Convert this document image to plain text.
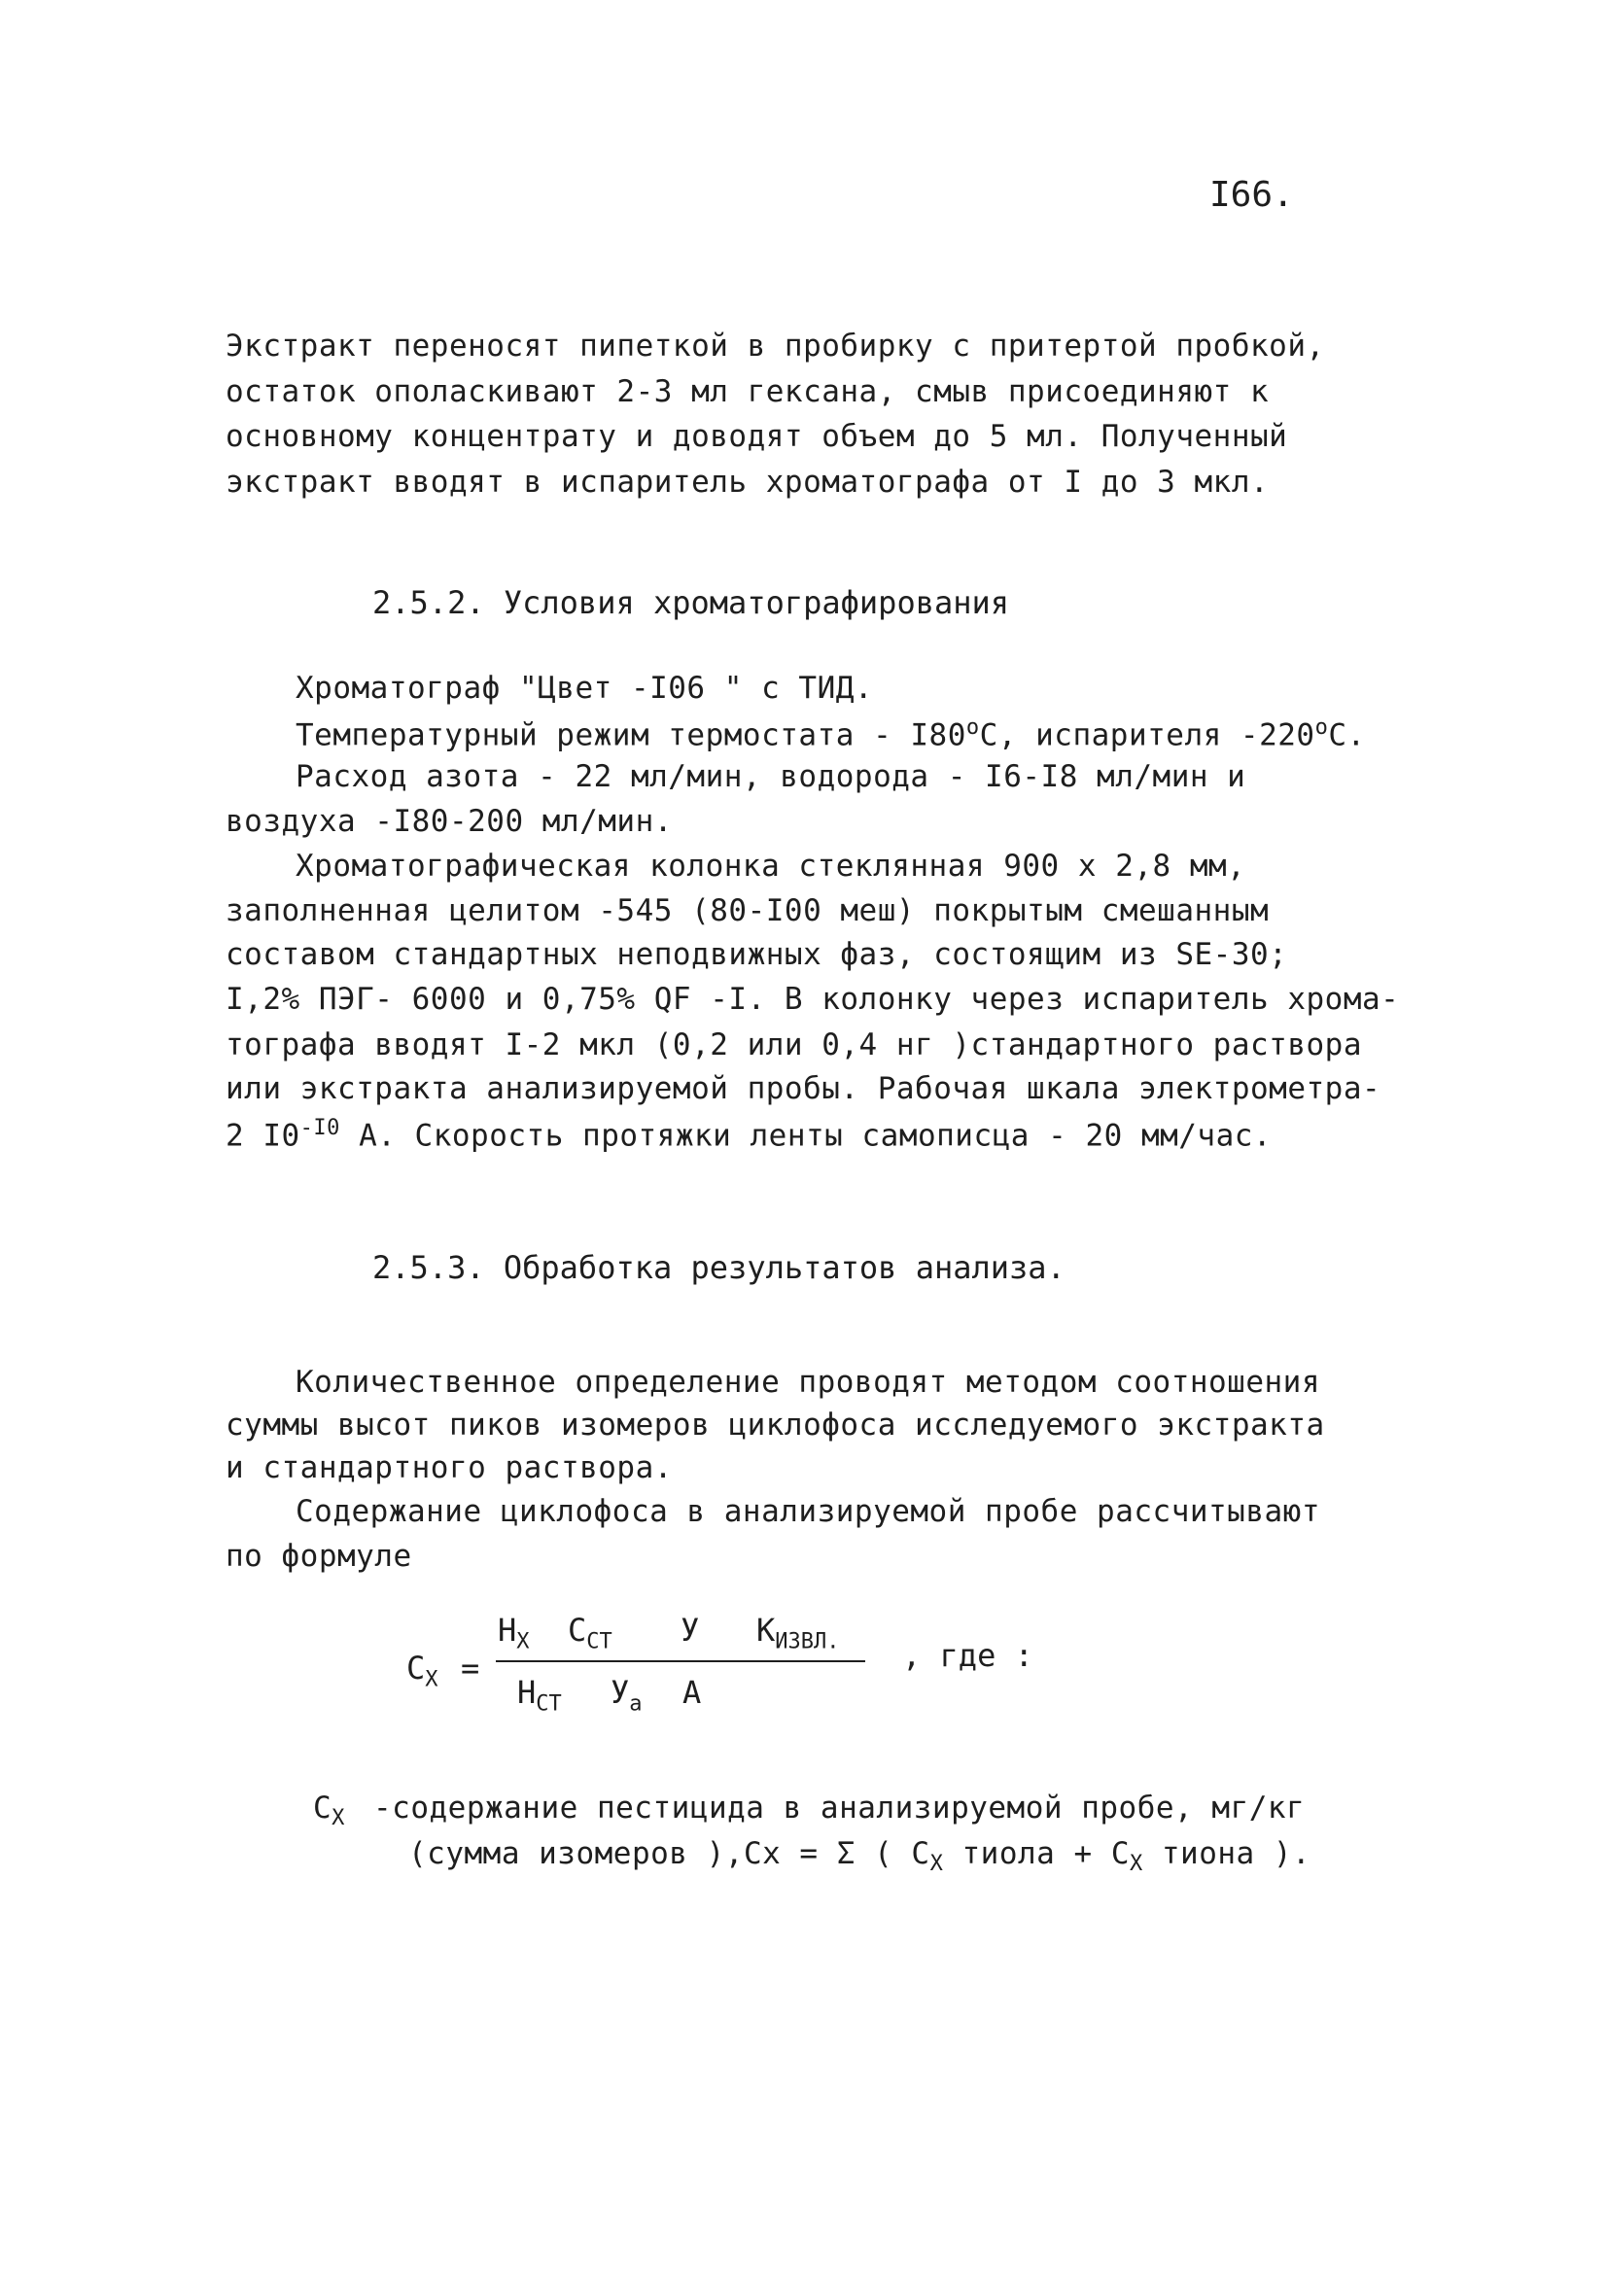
I66.
Экстракт переносят пипеткой в пробирку с притертой пробкой,
остаток ополаскивают 2-3 мл гексана, смыв присоединяют к
основному концентрату и доводят объем до 5 мл. Полученный
экстракт вводят в испаритель хроматографа от I до 3 мкл.
2.5.2. Условия хроматографирования
Хроматограф "Цвет -I06 " с ТИД.
Температурный режим термостата - I80$^o$С, испарителя -220$^o$С.
Расход азота - 22 мл/мин, водорода - I6-I8 мл/мин и
воздуха -I80-200 мл/мин.
Хроматографическая колонка стеклянная 900 х 2,8 мм,
заполненная целитом -545 (80-I00 меш) покрытым смешанным
составом стандартных неподвижных фаз, состоящим из SE-30;
I,2% ПЭГ- 6000 и 0,75% QF -I. В колонку через испаритель хрома-
тографа вводят I-2 мкл (0,2 или 0,4 нг )стандартного раствора
или экстракта анализируемой пробы. Рабочая шкала электрометра-
2 $I0^{-I0}$ А. Скорость протяжки ленты самописца - 20 мм/час.
2.5.3. Обработка результатов анализа.
Количественное определение проводят методом соотношения
суммы высот пиков изомеров циклофоса исследуемого экстракта
и стандартного раствора.
Содержание циклофоса в анализируемой пробе рассчитывают
по формуле
$С_Х$ =
$Н_Х$ $С_{СТ}$ У $К_{ИЗВЛ.}$
$Н_{СТ}$ $У_а$ А
, где :
$С_Х$ -содержание пестицида в анализируемой пробе, мг/кг
(сумма изомеров ),Сх = Σ ( $С_Х$ тиола + $С_Х$ тиона ).
